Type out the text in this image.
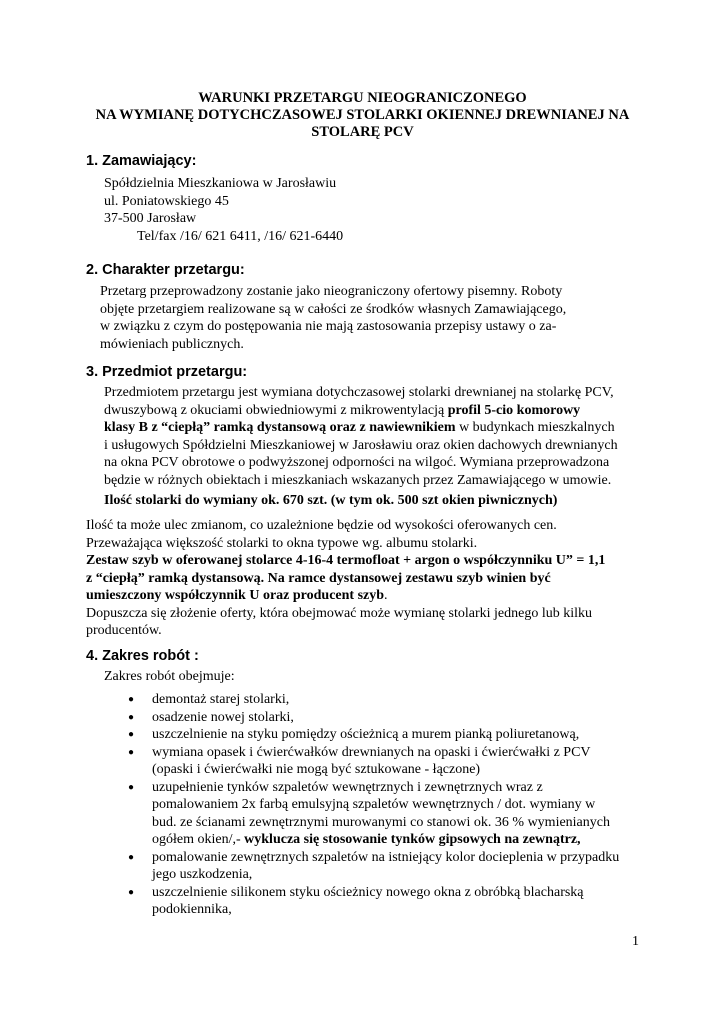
WARUNKI PRZETARGU NIEOGRANICZONEGO
NA WYMIANĘ DOTYCHCZASOWEJ STOLARKI OKIENNEJ DREWNIANEJ NA
STOLARĘ PCV
1. Zamawiający:
Spółdzielnia Mieszkaniowa w Jarosławiu
ul. Poniatowskiego 45
37-500 Jarosław
Tel/fax /16/ 621 6411, /16/ 621-6440
2. Charakter przetargu:
Przetarg przeprowadzony zostanie jako nieograniczony ofertowy pisemny. Roboty
objęte przetargiem realizowane są w całości ze środków własnych Zamawiającego,
w związku z czym do postępowania nie mają zastosowania przepisy ustawy o za-
mówieniach publicznych.
3. Przedmiot przetargu:
Przedmiotem przetargu jest wymiana dotychczasowej stolarki drewnianej na stolarkę PCV,
dwuszybową z okuciami obwiedniowymi z mikrowentylacją profil 5-cio komorowy
klasy B z “ciepłą” ramką dystansową oraz z nawiewnikiem w budynkach mieszkalnych
i usługowych Spółdzielni Mieszkaniowej w Jarosławiu oraz okien dachowych drewnianych
na okna PCV obrotowe o podwyższonej odporności na wilgoć. Wymiana przeprowadzona
będzie w różnych obiektach i mieszkaniach wskazanych przez Zamawiającego w umowie.
Ilość stolarki do wymiany ok. 670 szt. (w tym ok. 500 szt okien piwnicznych)
Ilość ta może ulec zmianom, co uzależnione będzie od wysokości oferowanych cen.
Przeważająca większość stolarki to okna typowe wg. albumu stolarki.
Zestaw szyb w oferowanej stolarce 4-16-4 termofloat + argon o współczynniku U” = 1,1
z “ciepłą” ramką dystansową. Na ramce dystansowej zestawu szyb winien być
umieszczony współczynnik U oraz producent szyb.
Dopuszcza się złożenie oferty, która obejmować może wymianę stolarki jednego lub kilku
producentów.
4. Zakres robót :
Zakres robót obejmuje:
● demontaż starej stolarki,
● osadzenie nowej stolarki,
● uszczelnienie na styku pomiędzy ościeżnicą a murem pianką poliuretanową,
● wymiana opasek i ćwierćwałków drewnianych na opaski i ćwierćwałki z PCV
(opaski i ćwierćwałki nie mogą być sztukowane - łączone)
● uzupełnienie tynków szpaletów wewnętrznych i zewnętrznych wraz z
pomalowaniem 2x farbą emulsyjną szpaletów wewnętrznych / dot. wymiany w
bud. ze ścianami zewnętrznymi murowanymi co stanowi ok. 36 % wymienianych
ogółem okien/,- wyklucza się stosowanie tynków gipsowych na zewnątrz,
● pomalowanie zewnętrznych szpaletów na istniejący kolor docieplenia w przypadku
jego uszkodzenia,
● uszczelnienie silikonem styku ościeżnicy nowego okna z obróbką blacharską
podokiennika,
1
